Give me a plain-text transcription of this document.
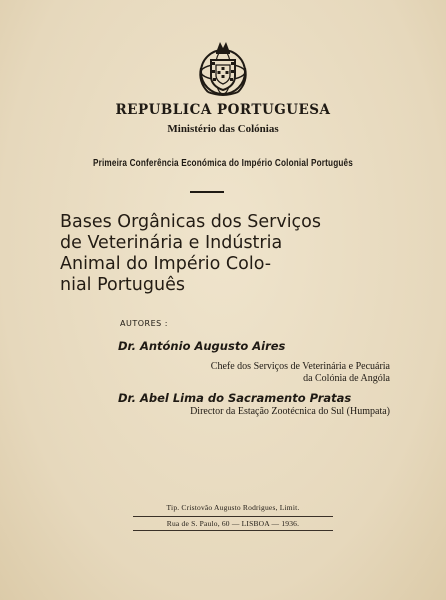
REPUBLICA PORTUGUESA
Ministério das Colónias
Primeira Conferência Económica do Império Colonial Português
Bases Orgânicas dos Serviços
de Veterinária e Indústria
Animal do Império Colo-
nial Português
AUTORES :
Dr. António Augusto Aires
Chefe dos Serviços de Veterinária e Pecuária
da Colónia de Angóla
Dr. Abel Lima do Sacramento Pratas
Director da Estação Zootécnica do Sul (Humpata)
Tip. Cristovão Augusto Rodrigues, Limit.
Rua de S. Paulo, 60 — LISBOA — 1936.
